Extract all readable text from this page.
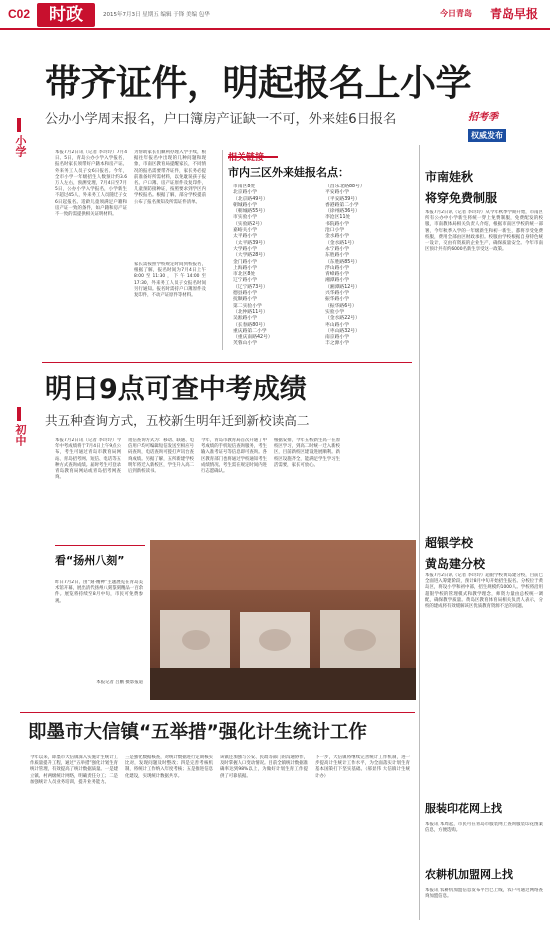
C02	时政	2015年7月3日 星期五 编辑 于锋 美编 包华	今日青岛 青岛早报
小学
初中
带齐证件，明起报名上小学
公办小学周末报名，户口簿房产证缺一不可，外来娃6日报名	招考季
权威发布
本报7月2日讯（记者 李玲玲）7月4日、5日，青岛公办小学入学报名，报名时家长须带好户籍本和房产证。外来务工人员子女6日报名。今年，全市小学一年级招生人数预计约3.6万人左右，预测受理，7月4日至7月5日，公办小学入学报名，小学新生不超过45人，外来务工人员随迁子女6日起报名。适龄儿童须满足户籍和房产证一致的条件，如户籍和房产证不一致的需提供相关证明材料。
为帮助家长们顺利办理入学手续，根据往年报名中出现的几种问题和现象，市南区教育局提醒家长，不同情况的报名需要带齐证件，家长务必提前准备好所需材料，以免耽误孩子报名。户口簿、房产证原件及复印件，儿童预防接种证，按照要求到学区内学校报名。根据了解，部分学校提前公布了报名须知及所需证件清单。
家长需按照学校规定时间到校报名，根据了解，报名时间为7月4日上午8:00至11:30，下午14:00至17:30，外来务工人员子女报名时间另行通知。报名时需持户口簿原件及复印件，不动产证原件等材料。
相关链接
市内三区外来娃报名点：
市南区8处
北京路小学
（北京路49号）
朝城路小学
（朝城路55号）
市实验小学
（实验路2号）
嘉峪关小学
太平路小学
（太平路39号）
大学路小学
（大学路28号）
金门路小学
上海路小学
市北区8处
辽宁路小学
（辽宁路73号）
德县路小学
抚顺路小学
第二实验小学
（北仲路11号）
吴淞路小学
（长春路80号）
重庆路第二小学
（重庆南路42号）
芙蓉山小学
（昌乐北路88号）
平安路小学
（平安路39号）
香港路第二小学
（徐州路36号）
李沧区11处
书院路小学
沧口小学
金水路小学
（金水路1号）
永宁路小学
东胜路小学
（东胜路85号）
浮山路小学
青峰路小学
湘潭路小学
（湘潭路12号）
兴华路小学
振华路小学
（振华路6号）
实验小学
（金水路22号）
枣山路小学
（枣山路32号）
南京路小学
丰之源小学
市南娃秋
将穿免费制服
本报7月2日讯（记者 李玲玲）从今年秋季学期开始，市南区所有公办中小学新生将统一穿上免费制服，免费配发的校服，市南教体局相关负责人介绍，根据市南区学校的统一部署，今年秋季入学的一年级新生和初一新生，都将享受免费校服，费用全部由区财政承担。校服由学校根据自身特色统一设计，交由有资质的企业生产，确保质量安全。今年市南区预计共有约6000名新生享受这一政策。
明日9点可查中考成绩
共五种查询方式，五校新生明年迁到新校读高二
本报7月2日讯（记者 李玲玲）今年中考成绩将于7月4日上午9点公布，考生可通过青岛市教育局网站、青岛招考网、短信、电话等五种方式查询成绩。届时考生可登录青岛教育局网站或青岛招考网查询。
短信查询方式为：移动、联通、电信用户均可编辑短信发送至相应号码查询，电话查询可拨打声讯台查询成绩。另据了解，五所新建学校明年将迁入新校区，学生升入高二后到新校读书。
今年，青岛市教育局首次开通了中考成绩的手机短信查询服务，考生输入准考证号等信息即可查询。各区教育部门也将通过学校通知考生成绩情况。考生需在规定时间内进行志愿确认。
根据安排，今年五校新生高一在原校区学习，到高二时统一迁入新校区，目前新校区建设进展顺利。新校区设施齐全，能满足学生学习生活需要，家长可放心。
看“扬州八刻”
昨日7月2日，由“刻·精神”主题展览在青岛美术馆开幕，展出清代扬州八刻篆刻精品一百余件。展览将持续至8月中旬，市民可免费参观。
本报记者 吕鹏 摄影报道
超银学校
黄岛建分校
本报7月2日讯（记者 李玲玲）超银学校黄岛建分校，目前已全面进入筹建阶段，预计8月中旬开始招生报名。分校位于黄岛区，将设小学和初中部，招生规模约1000人。学校将沿用超银学校的管理模式和教学理念，师资力量由总校统一调配，确保教学质量。黄岛区教育体育局相关负责人表示，分校的建成将有效缓解该区优质教育资源不足的问题。
即墨市大信镇“五举措”强化计生统计工作
今年以来，即墨市大信镇深入实施计生统计工作质量提升工程，通过“五举措”强化计划生育统计管理，有效提高了统计数据质量。一是建立镇、村两级统计网络，明确责任分工；二是加强统计人员业务培训，提升业务能力。
三是强化数据核查，对统计数据进行定期核实比对，发现问题及时整改；四是完善考核机制，将统计工作纳入年度考核；五是推进信息化建设，实现统计数据共享。
该镇还加强与公安、民政等部门的沟通协作，及时掌握人口变动情况。目前全镇统计数据准确率达到98%以上，为做好计划生育工作提供了可靠依据。
下一步，大信镇将继续完善统计工作机制，进一步提高计生统计工作水平，为全面落实计划生育基本国策打下坚实基础。（郝显伟 大信镇计生统计办）
服装印花网上找
本报讯 本周起，市民可在青岛市服装网上查询服装印花图案信息，方便选购。
农耕机加盟网上找
本报讯 农耕机加盟信息发布平台已上线，农户可通过网络查询加盟信息。
